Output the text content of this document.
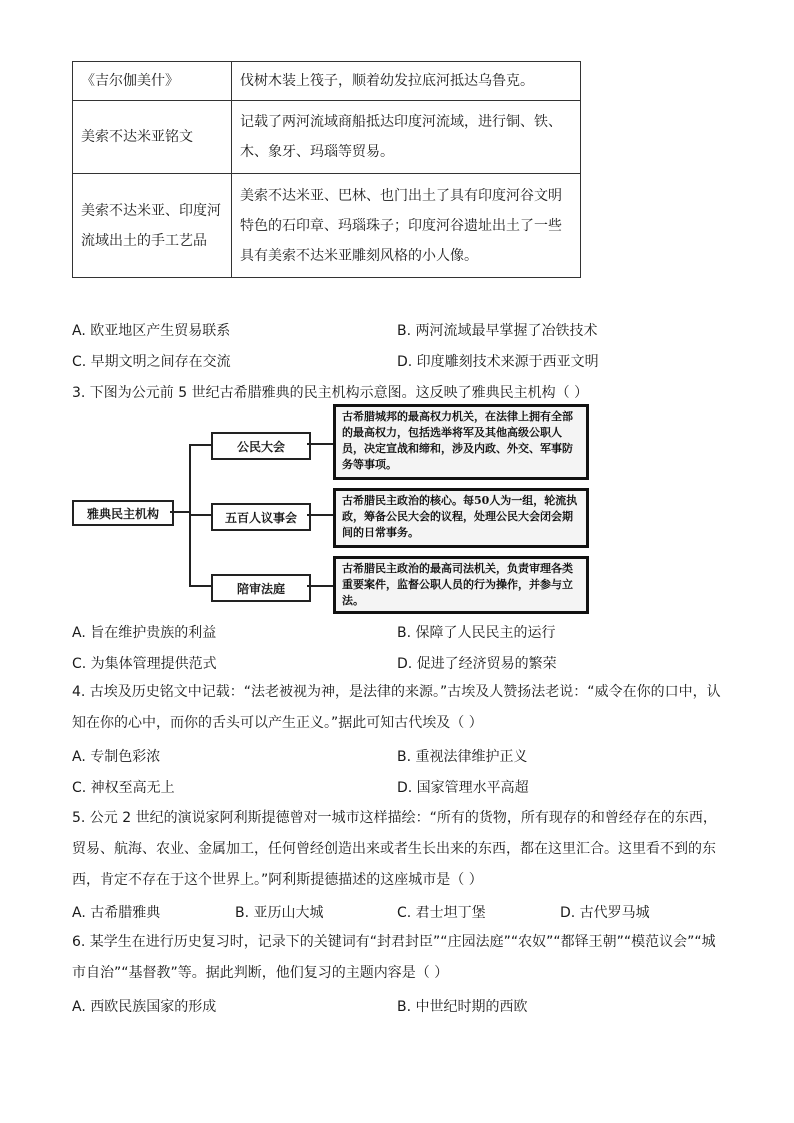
《吉尔伽美什》	伐树木装上筏子，顺着幼发拉底河抵达乌鲁克。
美索不达米亚铭文	记载了两河流域商船抵达印度河流域，进行铜、铁、木、象牙、玛瑙等贸易。
美索不达米亚、印度河流域出土的手工艺品	美索不达米亚、巴林、也门出土了具有印度河谷文明特色的石印章、玛瑙珠子；印度河谷遗址出土了一些具有美索不达米亚雕刻风格的小人像。
A. 欧亚地区产生贸易联系	B. 两河流域最早掌握了冶铁技术
C. 早期文明之间存在交流	D. 印度雕刻技术来源于西亚文明
3. 下图为公元前 5 世纪古希腊雅典的民主机构示意图。这反映了雅典民主机构（ ）
雅典民主机构
公民大会
五百人议事会
陪审法庭
古希腊城邦的最高权力机关，在法律上拥有全部的最高权力，包括选举将军及其他高级公职人员，决定宣战和缔和，涉及内政、外交、军事防务等事项。
古希腊民主政治的核心。每50人为一组，轮流执政，筹备公民大会的议程，处理公民大会闭会期间的日常事务。
古希腊民主政治的最高司法机关，负责审理各类重要案件，监督公职人员的行为操作，并参与立法。
A. 旨在维护贵族的利益	B. 保障了人民民主的运行
C. 为集体管理提供范式	D. 促进了经济贸易的繁荣
4. 古埃及历史铭文中记载：“法老被视为神，是法律的来源。”古埃及人赞扬法老说：“威令在你的口中，认知在你的心中，而你的舌头可以产生正义。”据此可知古代埃及（ ）
A. 专制色彩浓	B. 重视法律维护正义
C. 神权至高无上	D. 国家管理水平高超
5. 公元 2 世纪的演说家阿利斯提德曾对一城市这样描绘：“所有的货物，所有现存的和曾经存在的东西，贸易、航海、农业、金属加工，任何曾经创造出来或者生长出来的东西，都在这里汇合。这里看不到的东西，肯定不存在于这个世界上。”阿利斯提德描述的这座城市是（ ）
A. 古希腊雅典	B. 亚历山大城	C. 君士坦丁堡	D. 古代罗马城
6. 某学生在进行历史复习时，记录下的关键词有“封君封臣”“庄园法庭”“农奴”“都铎王朝”“模范议会”“城市自治”“基督教”等。据此判断，他们复习的主题内容是（ ）
A. 西欧民族国家的形成	B. 中世纪时期的西欧
